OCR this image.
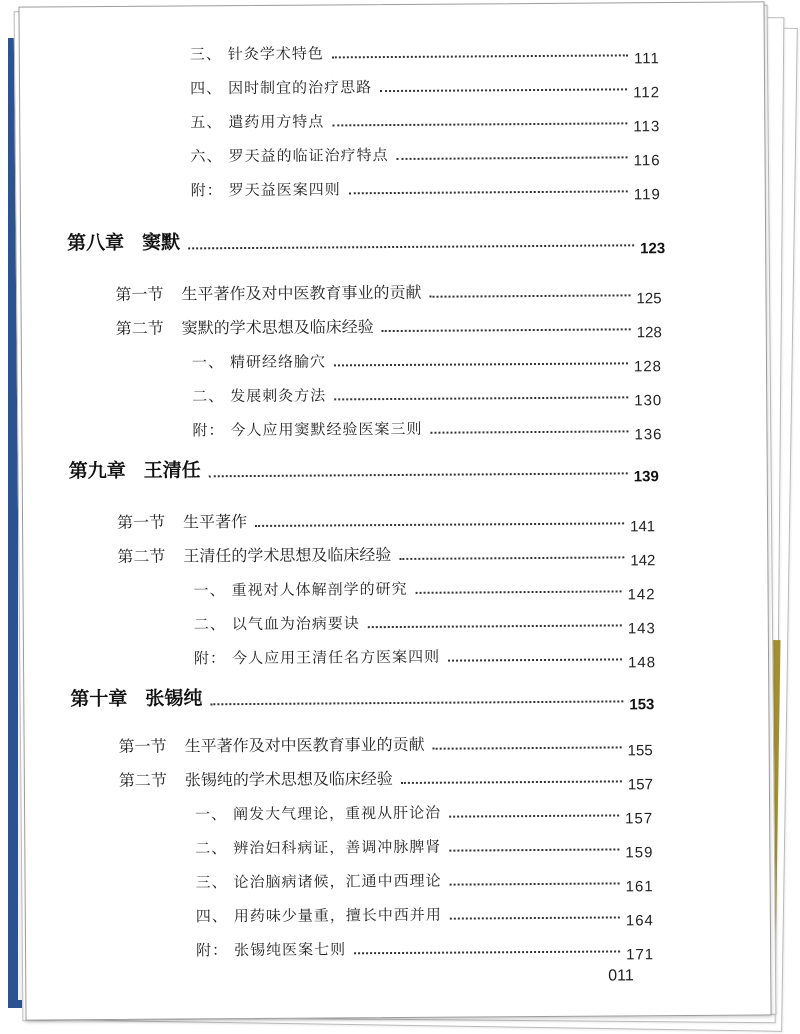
三、 针灸学术特色	111
四、 因时制宜的治疗思路	112
五、 遣药用方特点	113
六、 罗天益的临证治疗特点	116
附： 罗天益医案四则	119
第八章 窦默	123
第一节 生平著作及对中医教育事业的贡献	125
第二节 窦默的学术思想及临床经验	128
一、 精研经络腧穴	128
二、 发展刺灸方法	130
附： 今人应用窦默经验医案三则	136
第九章 王清任	139
第一节 生平著作	141
第二节 王清任的学术思想及临床经验	142
一、 重视对人体解剖学的研究	142
二、 以气血为治病要诀	143
附： 今人应用王清任名方医案四则	148
第十章 张锡纯	153
第一节 生平著作及对中医教育事业的贡献	155
第二节 张锡纯的学术思想及临床经验	157
一、 阐发大气理论，重视从肝论治	157
二、 辨治妇科病证，善调冲脉脾肾	159
三、 论治脑病诸候，汇通中西理论	161
四、 用药味少量重，擅长中西并用	164
附： 张锡纯医案七则	171
011
